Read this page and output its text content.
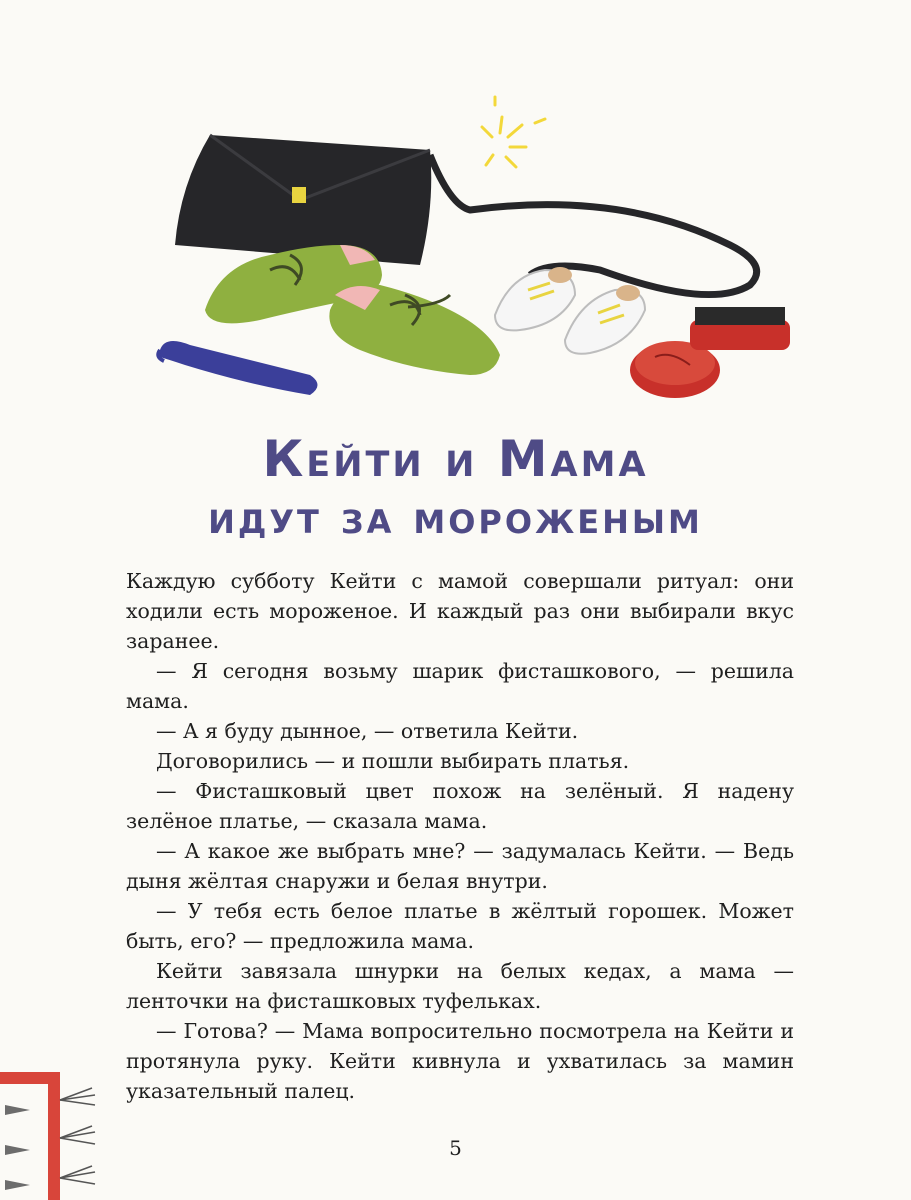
Кейти и Мама
идут за мороженым

Каждую субботу Кейти с мамой совершали ритуал: они ходили есть мороженое. И каждый раз они выбирали вкус заранее.

— Я сегодня возьму шарик фисташкового, — решила мама.

— А я буду дынное, — ответила Кейти.

Договорились — и пошли выбирать платья.

— Фисташковый цвет похож на зелёный. Я надену зелёное платье, — сказала мама.

— А какое же выбрать мне? — задумалась Кейти. — Ведь дыня жёлтая снаружи и белая внутри.

— У тебя есть белое платье в жёлтый горошек. Может быть, его? — предложила мама.

Кейти завязала шнурки на белых кедах, а мама — ленточки на фисташковых туфельках.

— Готова? — Мама вопросительно посмотрела на Кейти и протянула руку. Кейти кивнула и ухватилась за мамин указательный палец.

5
